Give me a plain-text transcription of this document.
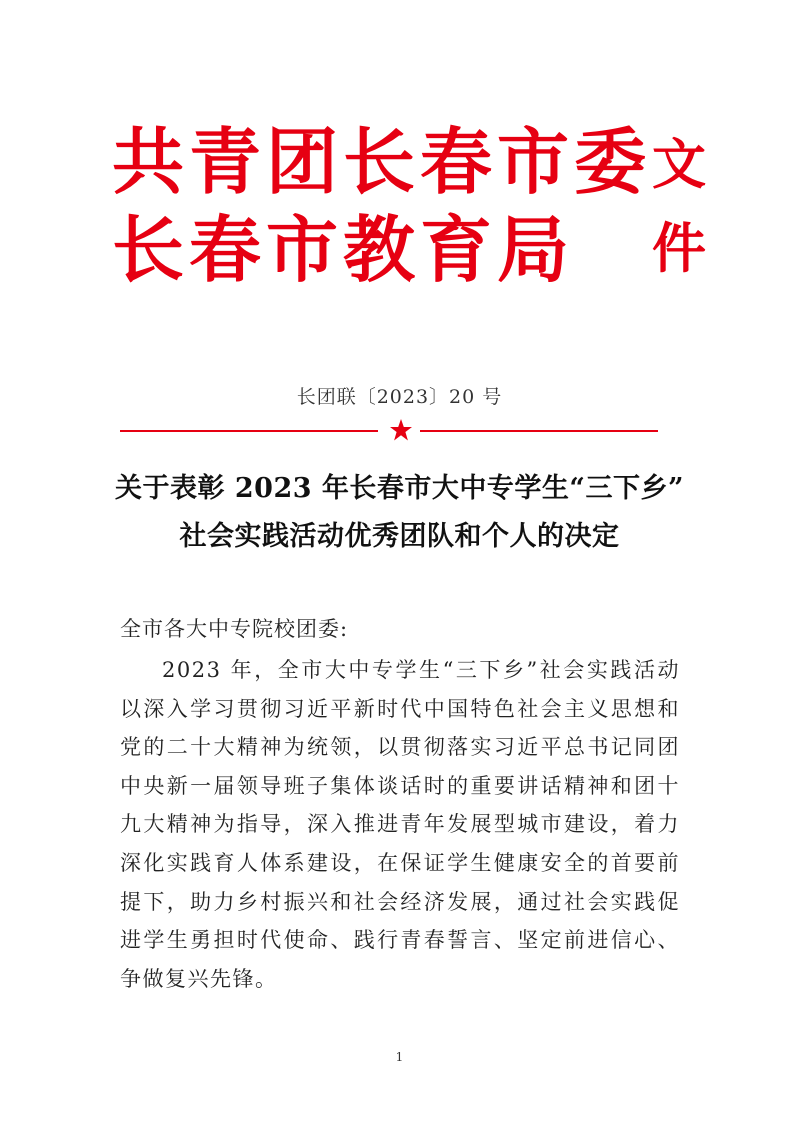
共青团长春市委
长春市教育局
文
件
长团联〔2023〕20 号
关于表彰 2023 年长春市大中专学生“三下乡”
社会实践活动优秀团队和个人的决定
全市各大中专院校团委:

2023 年，全市大中专学生“三下乡”社会实践活动以深入学习贯彻习近平新时代中国特色社会主义思想和党的二十大精神为统领，以贯彻落实习近平总书记同团中央新一届领导班子集体谈话时的重要讲话精神和团十九大精神为指导，深入推进青年发展型城市建设，着力深化实践育人体系建设，在保证学生健康安全的首要前提下，助力乡村振兴和社会经济发展，通过社会实践促进学生勇担时代使命、践行青春誓言、坚定前进信心、争做复兴先锋。

1
